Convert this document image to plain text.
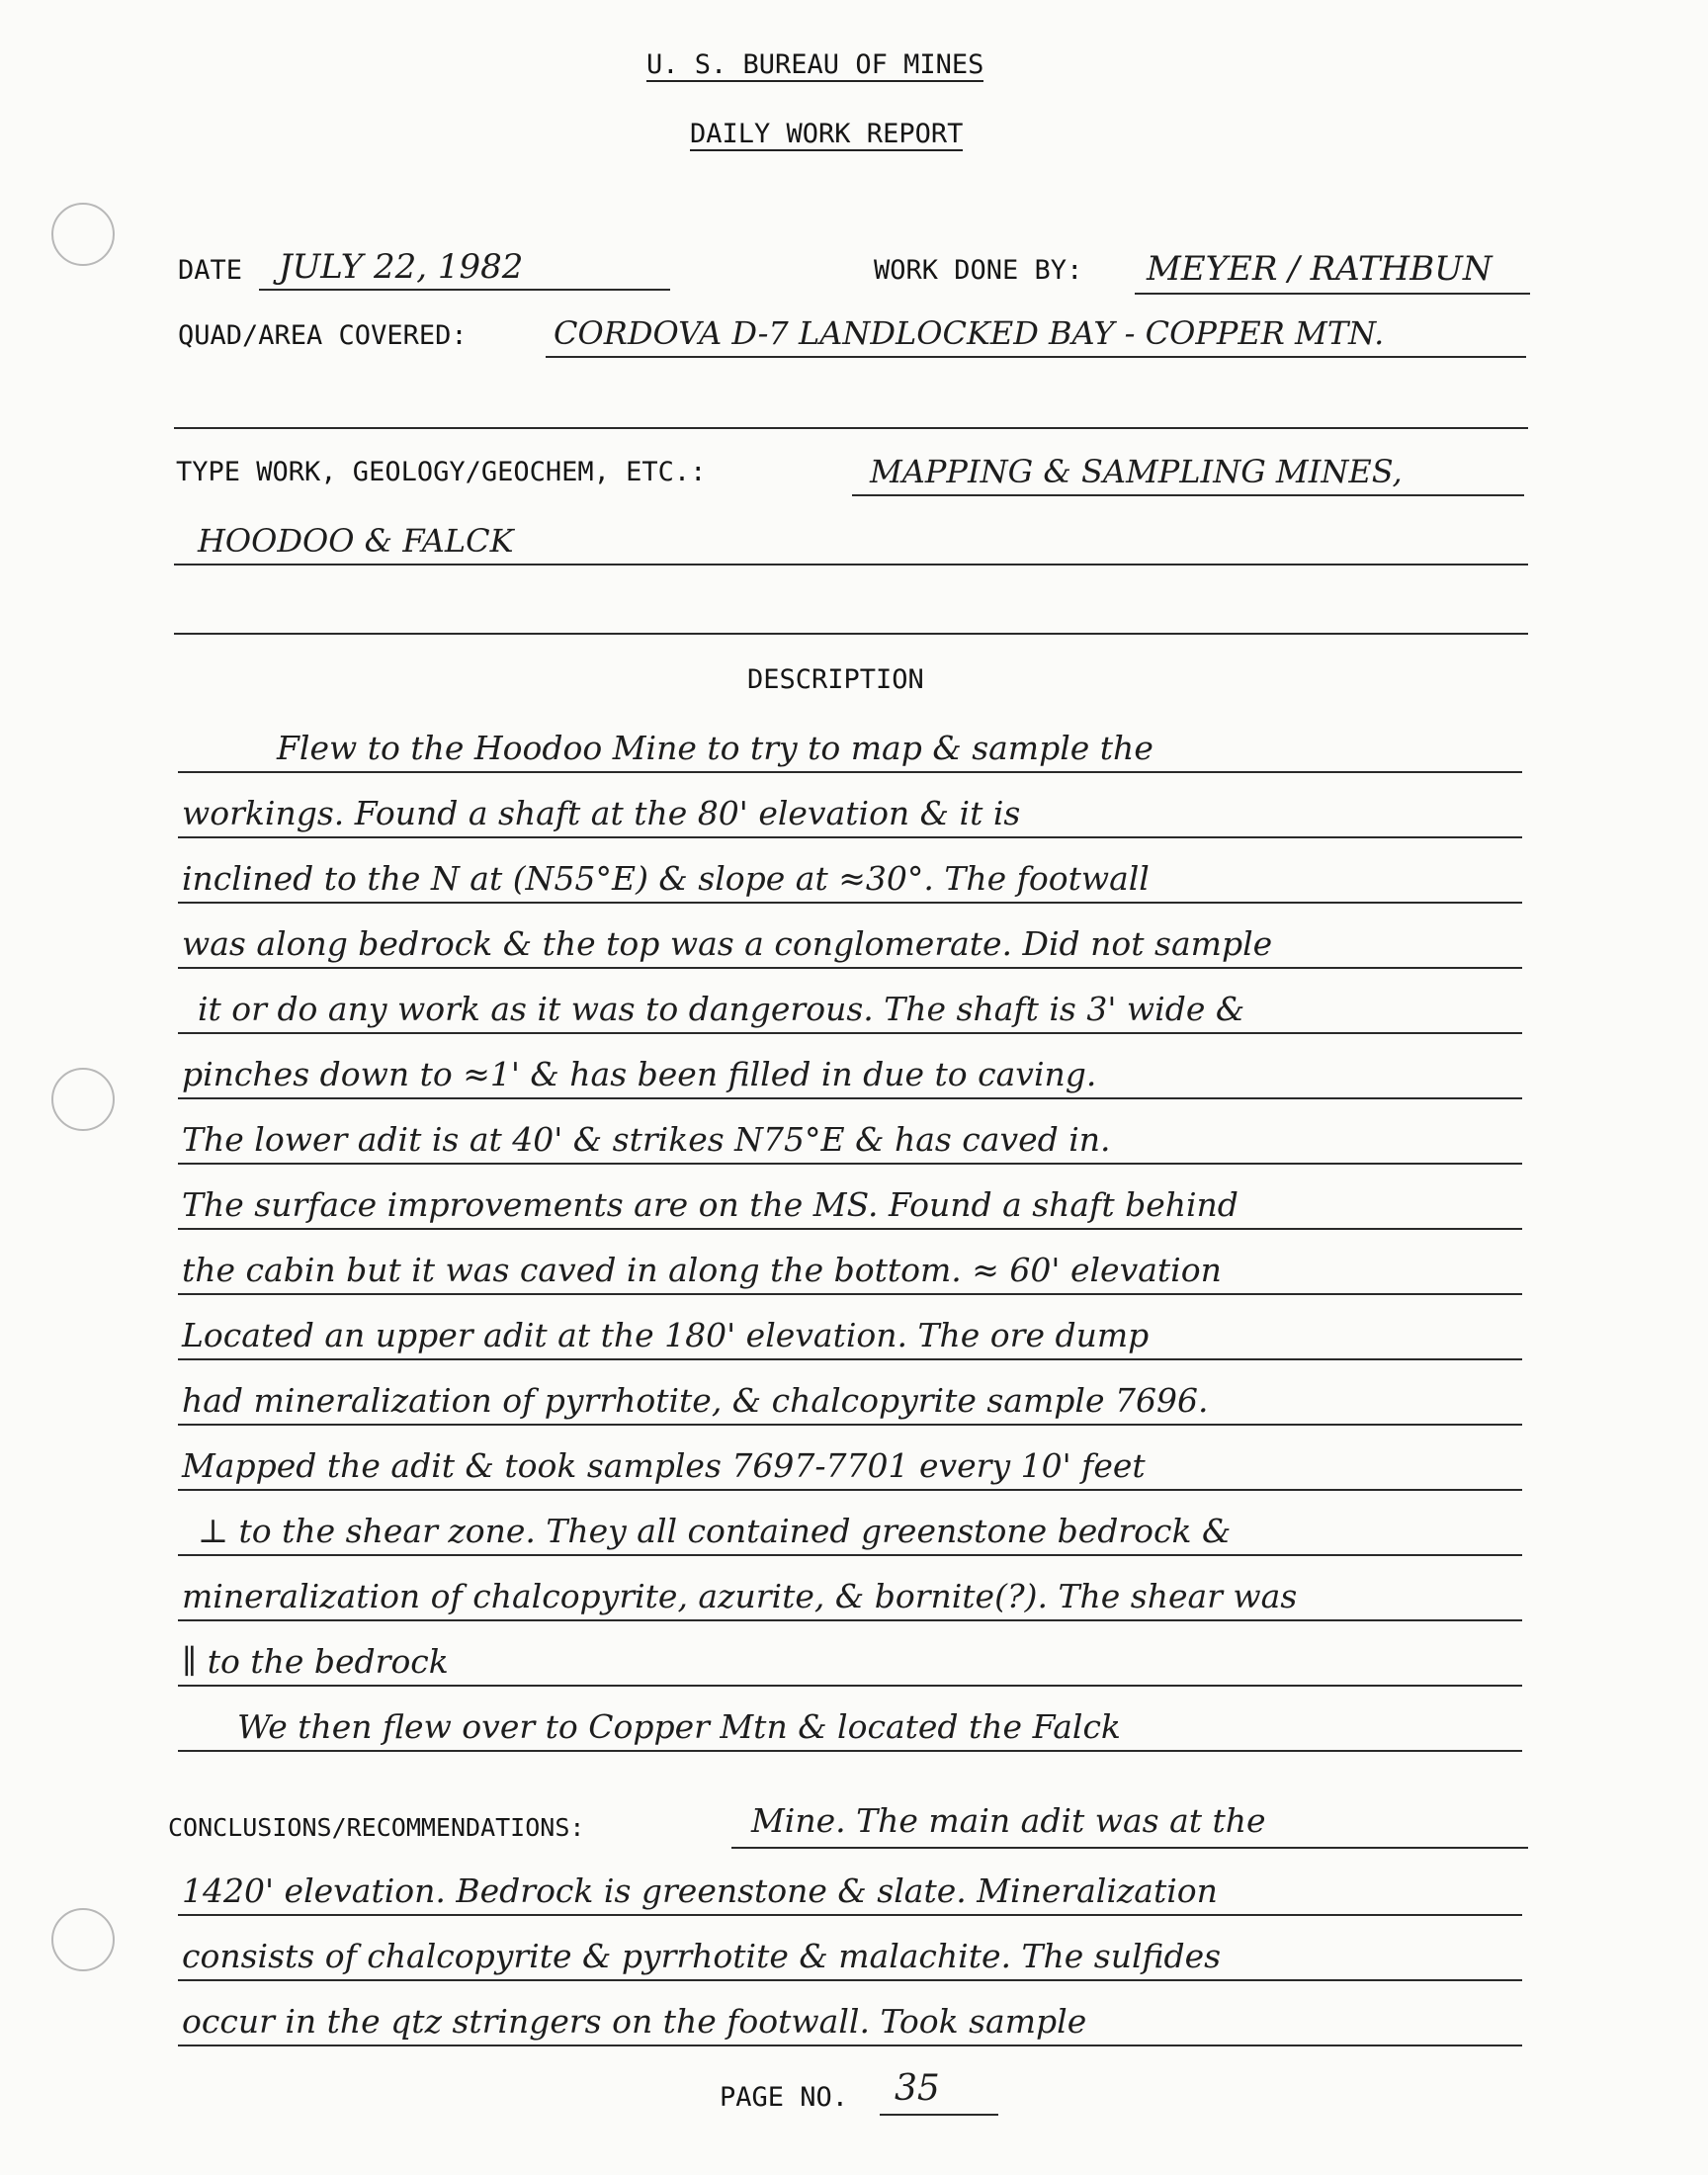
U. S. BUREAU OF MINES
DAILY WORK REPORT
DATE JULY 22, 1982	WORK DONE BY: MEYER / RATHBUN
QUAD/AREA COVERED:	CORDOVA D-7 LANDLOCKED BAY - COPPER MTN.
TYPE WORK, GEOLOGY/GEOCHEM, ETC.:	MAPPING & SAMPLING MINES,
HOODOO & FALCK
DESCRIPTION
Flew to the Hoodoo Mine to try to map & sample the
workings. Found a shaft at the 80' elevation & it is
inclined to the N at (N55°E) & slope at ≈30°. The footwall
was along bedrock & the top was a conglomerate. Did not sample
it or do any work as it was to dangerous. The shaft is 3' wide &
pinches down to ≈1' & has been filled in due to caving.
The lower adit is at 40' & strikes N75°E & has caved in.
The surface improvements are on the MS. Found a shaft behind
the cabin but it was caved in along the bottom. ≈ 60' elevation
Located an upper adit at the 180' elevation. The ore dump
had mineralization of pyrrhotite, & chalcopyrite sample 7696.
Mapped the adit & took samples 7697-7701 every 10' feet
⊥ to the shear zone. They all contained greenstone bedrock &
mineralization of chalcopyrite, azurite, & bornite(?). The shear was
∥ to the bedrock
We then flew over to Copper Mtn & located the Falck
CONCLUSIONS/RECOMMENDATIONS:	Mine. The main adit was at the
1420' elevation. Bedrock is greenstone & slate. Mineralization
consists of chalcopyrite & pyrrhotite & malachite. The sulfides
occur in the qtz stringers on the footwall. Took sample
PAGE NO. 35
